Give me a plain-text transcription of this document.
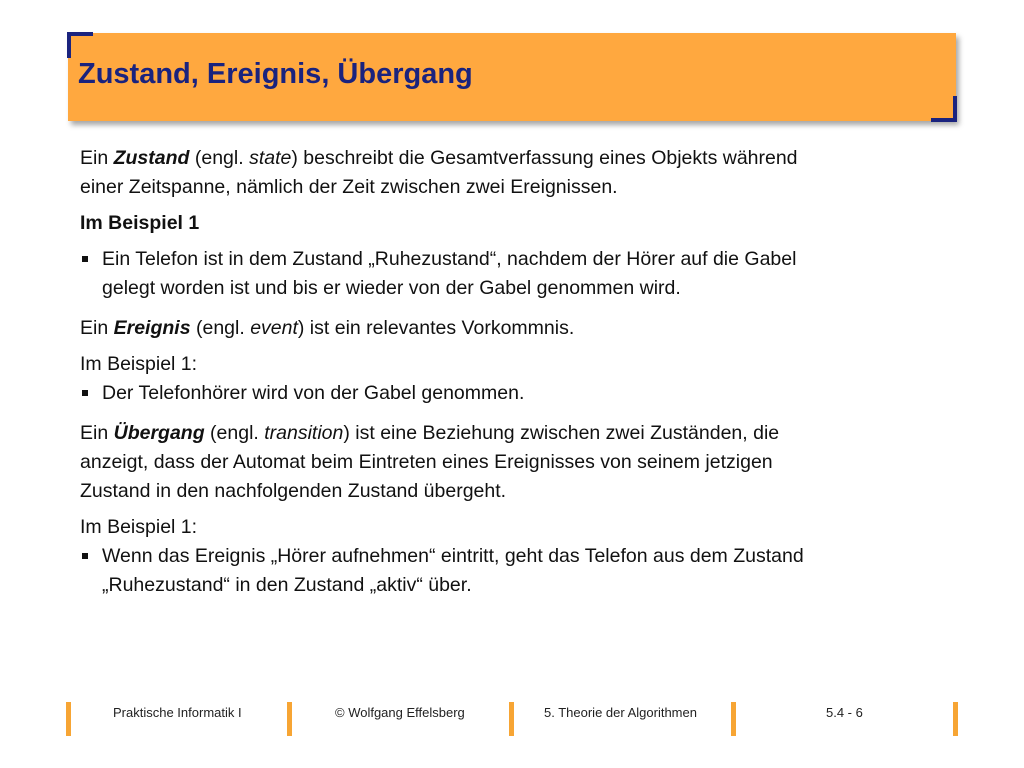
Zustand, Ereignis, Übergang

Ein Zustand (engl. state) beschreibt die Gesamtverfassung eines Objekts während
einer Zeitspanne, nämlich der Zeit zwischen zwei Ereignissen.

Im Beispiel 1

Ein Telefon ist in dem Zustand „Ruhezustand“, nachdem der Hörer auf die Gabel
gelegt worden ist und bis er wieder von der Gabel genommen wird.

Ein Ereignis (engl. event) ist ein relevantes Vorkommnis.

Im Beispiel 1:

Der Telefonhörer wird von der Gabel genommen.

Ein Übergang (engl. transition) ist eine Beziehung zwischen zwei Zuständen, die
anzeigt, dass der Automat beim Eintreten eines Ereignisses von seinem jetzigen
Zustand in den nachfolgenden Zustand übergeht.

Im Beispiel 1:

Wenn das Ereignis „Hörer aufnehmen“ eintritt, geht das Telefon aus dem Zustand
„Ruhezustand“ in den Zustand „aktiv“ über.

Praktische Informatik I	© Wolfgang Effelsberg	5. Theorie der Algorithmen	5.4 - 6
